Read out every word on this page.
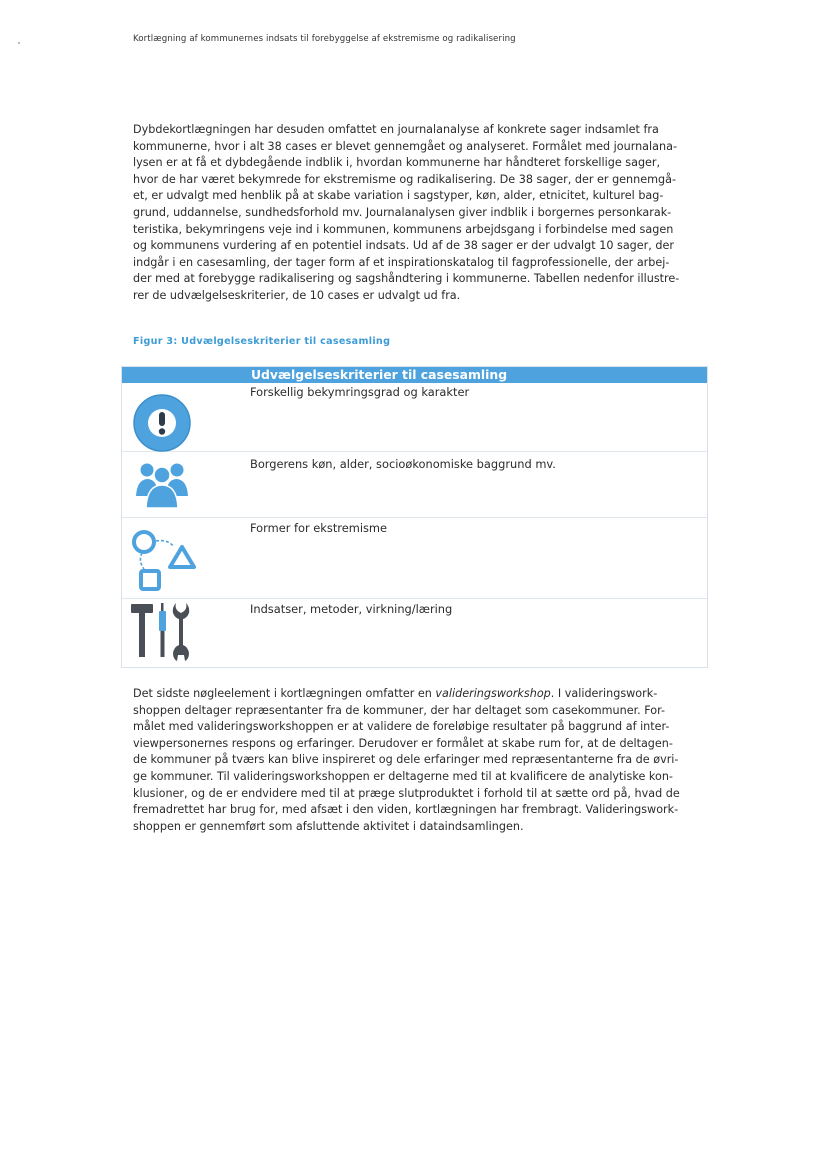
Kortlægning af kommunernes indsats til forebyggelse af ekstremisme og radikalisering

Dybdekortlægningen har desuden omfattet en journalanalyse af konkrete sager indsamlet fra
kommunerne, hvor i alt 38 cases er blevet gennemgået og analyseret. Formålet med journalana-
lysen er at få et dybdegående indblik i, hvordan kommunerne har håndteret forskellige sager,
hvor de har været bekymrede for ekstremisme og radikalisering. De 38 sager, der er gennemgå-
et, er udvalgt med henblik på at skabe variation i sagstyper, køn, alder, etnicitet, kulturel bag-
grund, uddannelse, sundhedsforhold mv. Journalanalysen giver indblik i borgernes personkarak-
teristika, bekymringens veje ind i kommunen, kommunens arbejdsgang i forbindelse med sagen
og kommunens vurdering af en potentiel indsats. Ud af de 38 sager er der udvalgt 10 sager, der
indgår i en casesamling, der tager form af et inspirationskatalog til fagprofessionelle, der arbej-
der med at forebygge radikalisering og sagshåndtering i kommunerne. Tabellen nedenfor illustre-
rer de udvælgelseskriterier, de 10 cases er udvalgt ud fra.

Figur 3: Udvælgelseskriterier til casesamling
Udvælgelseskriterier til casesamling
Forskellig bekymringsgrad og karakter
Borgerens køn, alder, socioøkonomiske baggrund mv.
Former for ekstremisme
Indsatser, metoder, virkning/læring

Det sidste nøgleelement i kortlægningen omfatter en valideringsworkshop. I valideringswork-
shoppen deltager repræsentanter fra de kommuner, der har deltaget som casekommuner. For-
målet med valideringsworkshoppen er at validere de foreløbige resultater på baggrund af inter-
viewpersonernes respons og erfaringer. Derudover er formålet at skabe rum for, at de deltagen-
de kommuner på tværs kan blive inspireret og dele erfaringer med repræsentanterne fra de øvri-
ge kommuner. Til valideringsworkshoppen er deltagerne med til at kvalificere de analytiske kon-
klusioner, og de er endvidere med til at præge slutproduktet i forhold til at sætte ord på, hvad de
fremadrettet har brug for, med afsæt i den viden, kortlægningen har frembragt. Valideringswork-
shoppen er gennemført som afsluttende aktivitet i dataindsamlingen.
